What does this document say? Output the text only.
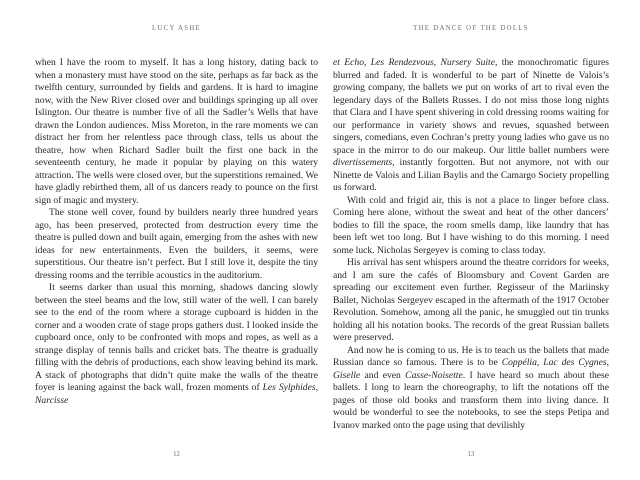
LUCY ASHE

when I have the room to myself. It has a long history, dating back to when a monastery must have stood on the site, perhaps as far back as the twelfth century, surrounded by fields and gardens. It is hard to imagine now, with the New River closed over and buildings springing up all over Islington. Our theatre is number five of all the Sadler’s Wells that have drawn the London audiences. Miss Moreton, in the rare moments we can distract her from her relentless pace through class, tells us about the theatre, how when Richard Sadler built the first one back in the seventeenth century, he made it popular by playing on this watery attraction. The wells were closed over, but the superstitions remained. We have gladly rebirthed them, all of us dancers ready to pounce on the first sign of magic and mystery.

The stone well cover, found by builders nearly three hundred years ago, has been preserved, protected from destruction every time the theatre is pulled down and built again, emerging from the ashes with new ideas for new entertainments. Even the builders, it seems, were superstitious. Our theatre isn’t perfect. But I still love it, despite the tiny dressing rooms and the terrible acoustics in the auditorium.

It seems darker than usual this morning, shadows dancing slowly between the steel beams and the low, still water of the well. I can barely see to the end of the room where a storage cupboard is hidden in the corner and a wooden crate of stage props gathers dust. I looked inside the cupboard once, only to be confronted with mops and ropes, as well as a strange display of tennis balls and cricket bats. The theatre is gradually filling with the debris of productions, each show leaving behind its mark. A stack of photographs that didn’t quite make the walls of the theatre foyer is leaning against the back wall, frozen moments of Les Sylphides, Narcisse

12
THE DANCE OF THE DOLLS

et Echo, Les Rendezvous, Nursery Suite, the monochromatic figures blurred and faded. It is wonderful to be part of Ninette de Valois’s growing company, the ballets we put on works of art to rival even the legendary days of the Ballets Russes. I do not miss those long nights that Clara and I have spent shivering in cold dressing rooms waiting for our performance in variety shows and revues, squashed between singers, comedians, even Cochran’s pretty young ladies who gave us no space in the mirror to do our makeup. Our little ballet numbers were divertissements, instantly forgotten. But not anymore, not with our Ninette de Valois and Lilian Baylis and the Camargo Society propelling us forward.

With cold and frigid air, this is not a place to linger before class. Coming here alone, without the sweat and heat of the other dancers’ bodies to fill the space, the room smells damp, like laundry that has been left wet too long. But I have wishing to do this morning. I need some luck. Nicholas Sergeyev is coming to class today.

His arrival has sent whispers around the theatre corridors for weeks, and I am sure the cafés of Bloomsbury and Covent Garden are spreading our excitement even further. Regisseur of the Mariinsky Ballet, Nicholas Sergeyev escaped in the aftermath of the 1917 October Revolution. Somehow, among all the panic, he smuggled out tin trunks holding all his notation books. The records of the great Russian ballets were preserved.

And now he is coming to us. He is to teach us the ballets that made Russian dance so famous. There is to be Coppélia, Lac des Cygnes, Giselle and even Casse-Noisette. I have heard so much about these ballets. I long to learn the choreography, to lift the notations off the pages of those old books and transform them into living dance. It would be wonderful to see the notebooks, to see the steps Petipa and Ivanov marked onto the page using that devilishly

13
